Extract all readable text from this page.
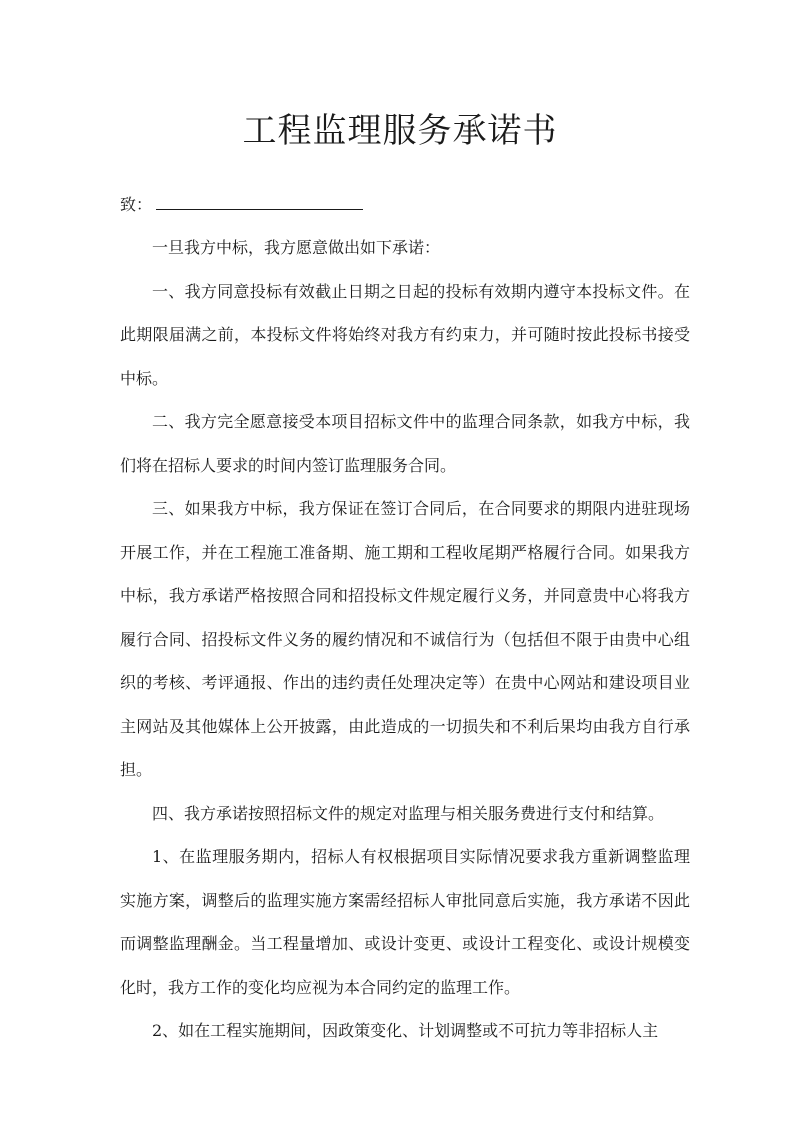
工程监理服务承诺书
致：

一旦我方中标，我方愿意做出如下承诺：

一、我方同意投标有效截止日期之日起的投标有效期内遵守本投标文件。在此期限届满之前，本投标文件将始终对我方有约束力，并可随时按此投标书接受中标。

二、我方完全愿意接受本项目招标文件中的监理合同条款，如我方中标，我们将在招标人要求的时间内签订监理服务合同。

三、如果我方中标，我方保证在签订合同后，在合同要求的期限内进驻现场开展工作，并在工程施工准备期、施工期和工程收尾期严格履行合同。如果我方中标，我方承诺严格按照合同和招投标文件规定履行义务，并同意贵中心将我方履行合同、招投标文件义务的履约情况和不诚信行为（包括但不限于由贵中心组织的考核、考评通报、作出的违约责任处理决定等）在贵中心网站和建设项目业主网站及其他媒体上公开披露，由此造成的一切损失和不利后果均由我方自行承担。

四、我方承诺按照招标文件的规定对监理与相关服务费进行支付和结算。

1、在监理服务期内，招标人有权根据项目实际情况要求我方重新调整监理实施方案，调整后的监理实施方案需经招标人审批同意后实施，我方承诺不因此而调整监理酬金。当工程量增加、或设计变更、或设计工程变化、或设计规模变化时，我方工作的变化均应视为本合同约定的监理工作。

2、如在工程实施期间，因政策变化、计划调整或不可抗力等非招标人主
